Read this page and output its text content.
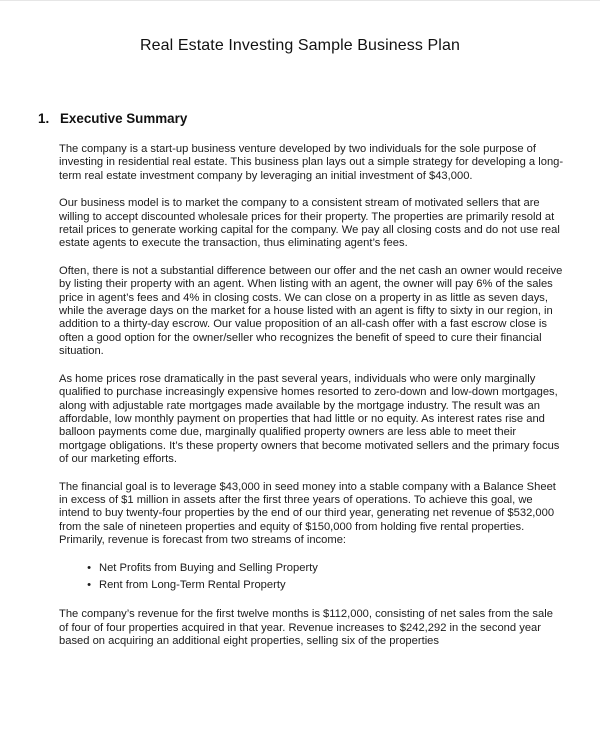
Real Estate Investing Sample Business Plan
1. Executive Summary

The company is a start-up business venture developed by two individuals for the sole purpose of investing in residential real estate. This business plan lays out a simple strategy for developing a long-term real estate investment company by leveraging an initial investment of $43,000.

Our business model is to market the company to a consistent stream of motivated sellers that are willing to accept discounted wholesale prices for their property. The properties are primarily resold at retail prices to generate working capital for the company. We pay all closing costs and do not use real estate agents to execute the transaction, thus eliminating agent’s fees.

Often, there is not a substantial difference between our offer and the net cash an owner would receive by listing their property with an agent. When listing with an agent, the owner will pay 6% of the sales price in agent’s fees and 4% in closing costs. We can close on a property in as little as seven days, while the average days on the market for a house listed with an agent is fifty to sixty in our region, in addition to a thirty-day escrow. Our value proposition of an all-cash offer with a fast escrow close is often a good option for the owner/seller who recognizes the benefit of speed to cure their financial situation.

As home prices rose dramatically in the past several years, individuals who were only marginally qualified to purchase increasingly expensive homes resorted to zero-down and low-down mortgages, along with adjustable rate mortgages made available by the mortgage industry. The result was an affordable, low monthly payment on properties that had little or no equity. As interest rates rise and balloon payments come due, marginally qualified property owners are less able to meet their mortgage obligations. It’s these property owners that become motivated sellers and the primary focus of our marketing efforts.

The financial goal is to leverage $43,000 in seed money into a stable company with a Balance Sheet in excess of $1 million in assets after the first three years of operations. To achieve this goal, we intend to buy twenty-four properties by the end of our third year, generating net revenue of $532,000 from the sale of nineteen properties and equity of $150,000 from holding five rental properties. Primarily, revenue is forecast from two streams of income:

• Net Profits from Buying and Selling Property
• Rent from Long-Term Rental Property

The company’s revenue for the first twelve months is $112,000, consisting of net sales from the sale of four of four properties acquired in that year. Revenue increases to $242,292 in the second year based on acquiring an additional eight properties, selling six of the properties
